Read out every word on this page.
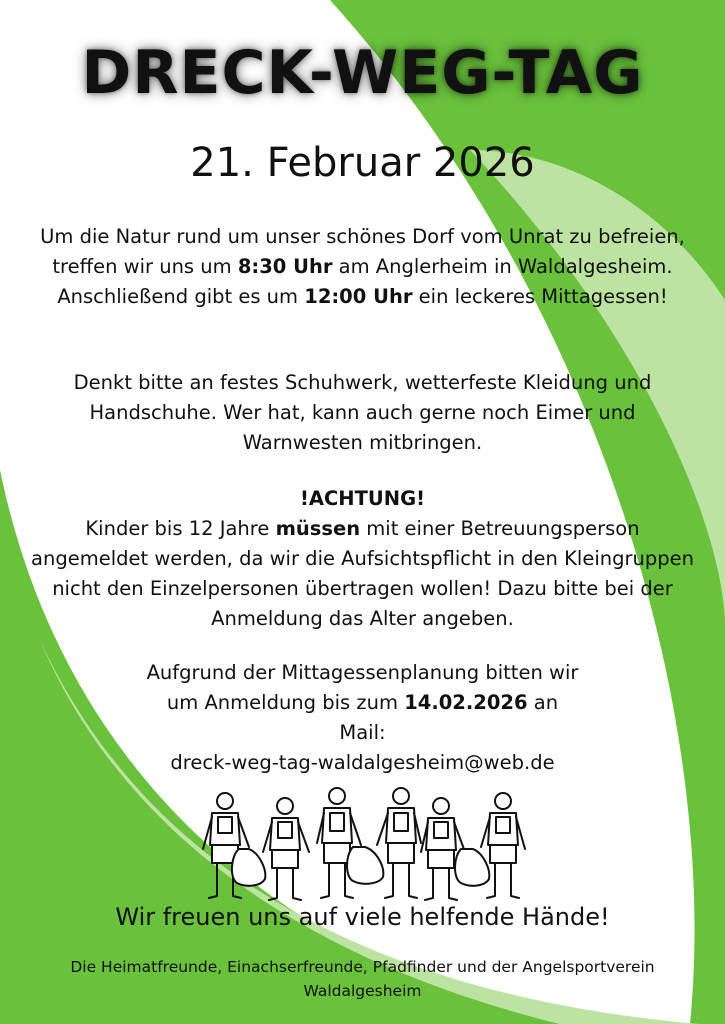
DRECK-WEG-TAG
21. Februar 2026
Um die Natur rund um unser schönes Dorf vom Unrat zu befreien, treffen wir uns um 8:30 Uhr am Anglerheim in Waldalgesheim. Anschließend gibt es um 12:00 Uhr ein leckeres Mittagessen!
Denkt bitte an festes Schuhwerk, wetterfeste Kleidung und Handschuhe. Wer hat, kann auch gerne noch Eimer und Warnwesten mitbringen.
!ACHTUNG!
Kinder bis 12 Jahre müssen mit einer Betreuungsperson angemeldet werden, da wir die Aufsichtspflicht in den Kleingruppen nicht den Einzelpersonen übertragen wollen! Dazu bitte bei der Anmeldung das Alter angeben.
Aufgrund der Mittagessenplanung bitten wir
um Anmeldung bis zum 14.02.2026 an
Mail:
dreck-weg-tag-waldalgesheim@web.de
Wir freuen uns auf viele helfende Hände!
Die Heimatfreunde, Einachserfreunde, Pfadfinder und der Angelsportverein Waldalgesheim
